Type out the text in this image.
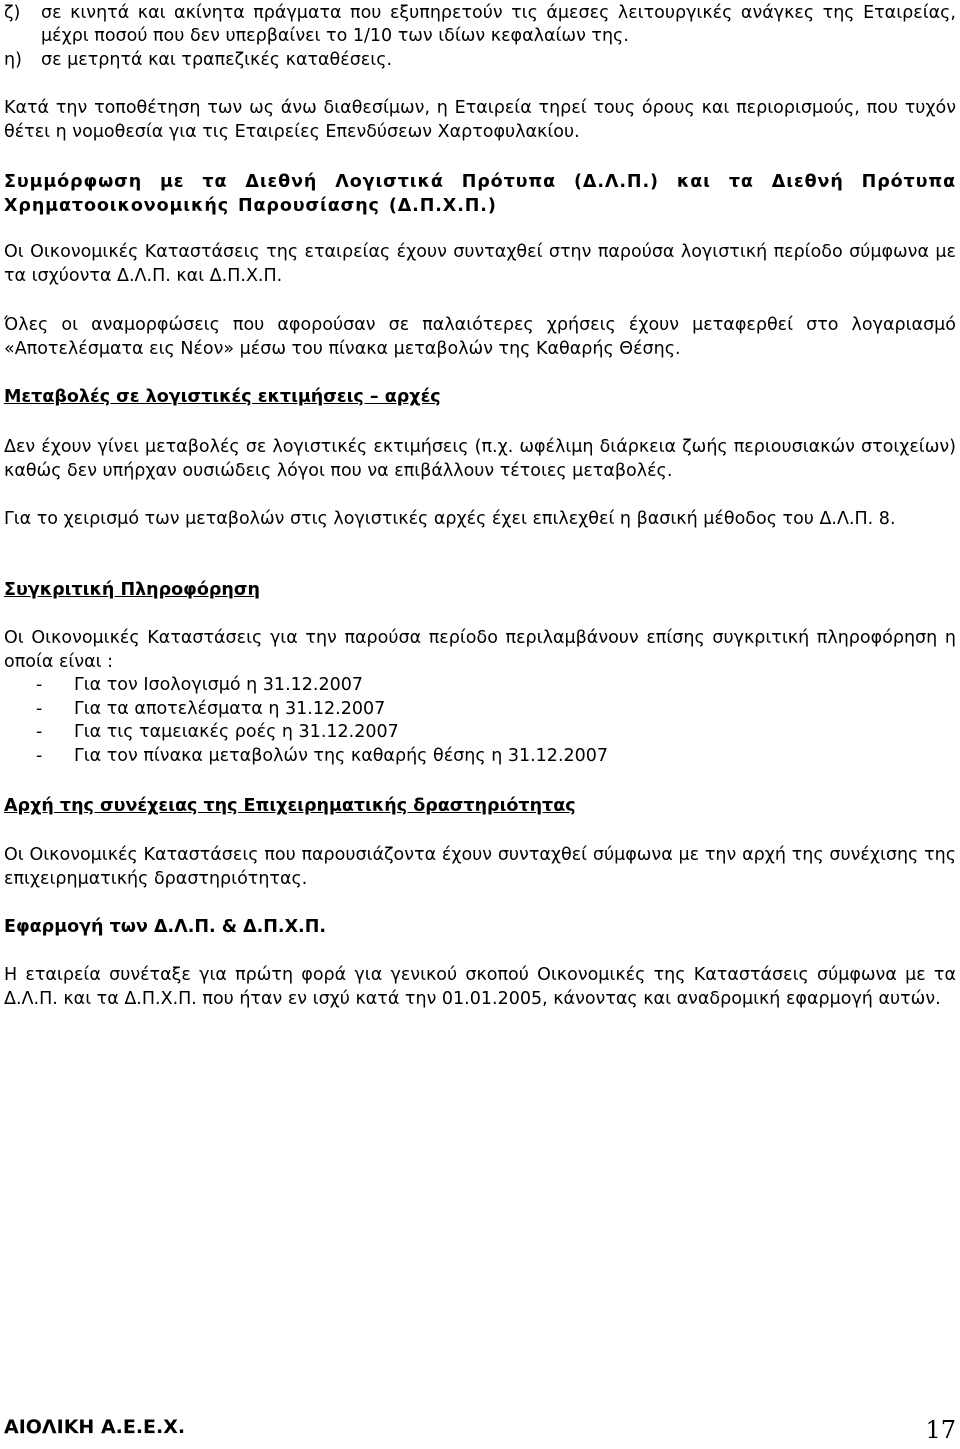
ζ) σε κινητά και ακίνητα πράγματα που εξυπηρετούν τις άμεσες λειτουργικές ανάγκες της Εταιρείας, μέχρι ποσού που δεν υπερβαίνει το 1/10 των ιδίων κεφαλαίων της.
η) σε μετρητά και τραπεζικές καταθέσεις.
Κατά την τοποθέτηση των ως άνω διαθεσίμων, η Εταιρεία τηρεί τους όρους και περιορισμούς, που τυχόν θέτει η νομοθεσία για τις Εταιρείες Επενδύσεων Χαρτοφυλακίου.
Συμμόρφωση με τα Διεθνή Λογιστικά Πρότυπα (Δ.Λ.Π.) και τα Διεθνή Πρότυπα Χρηματοοικονομικής Παρουσίασης (Δ.Π.Χ.Π.)
Οι Οικονομικές Καταστάσεις της εταιρείας έχουν συνταχθεί στην παρούσα λογιστική περίοδο σύμφωνα με τα ισχύοντα Δ.Λ.Π. και Δ.Π.Χ.Π.
Όλες οι αναμορφώσεις που αφορούσαν σε παλαιότερες χρήσεις έχουν μεταφερθεί στο λογαριασμό «Αποτελέσματα εις Νέον» μέσω του πίνακα μεταβολών της Καθαρής Θέσης.
Μεταβολές σε λογιστικές εκτιμήσεις – αρχές
Δεν έχουν γίνει μεταβολές σε λογιστικές εκτιμήσεις (π.χ. ωφέλιμη διάρκεια ζωής περιουσιακών στοιχείων) καθώς δεν υπήρχαν ουσιώδεις λόγοι που να επιβάλλουν τέτοιες μεταβολές.
Για το χειρισμό των μεταβολών στις λογιστικές αρχές έχει επιλεχθεί η βασική μέθοδος του Δ.Λ.Π. 8.
Συγκριτική Πληροφόρηση
Οι Οικονομικές Καταστάσεις για την παρούσα περίοδο περιλαμβάνουν επίσης συγκριτική πληροφόρηση η οποία είναι :
- Για τον Ισολογισμό η 31.12.2007
- Για τα αποτελέσματα η 31.12.2007
- Για τις ταμειακές ροές η 31.12.2007
- Για τον πίνακα μεταβολών της καθαρής θέσης η 31.12.2007
Αρχή της συνέχειας της Επιχειρηματικής δραστηριότητας
Οι Οικονομικές Καταστάσεις που παρουσιάζοντα έχουν συνταχθεί σύμφωνα με την αρχή της συνέχισης της επιχειρηματικής δραστηριότητας.
Εφαρμογή των Δ.Λ.Π. & Δ.Π.Χ.Π.
Η εταιρεία συνέταξε για πρώτη φορά για γενικού σκοπού Οικονομικές της Καταστάσεις σύμφωνα με τα Δ.Λ.Π. και τα Δ.Π.Χ.Π. που ήταν εν ισχύ κατά την 01.01.2005, κάνοντας και αναδρομική εφαρμογή αυτών.
ΑΙΟΛΙΚΗ Α.Ε.Ε.Χ.	17
